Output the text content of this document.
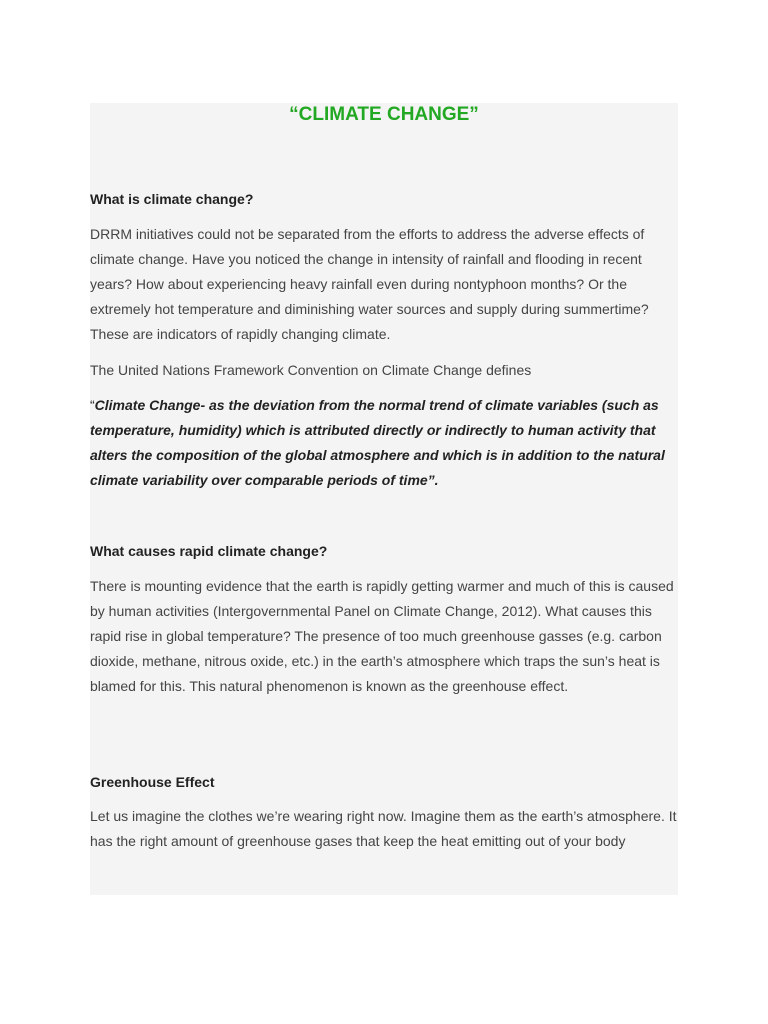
“CLIMATE CHANGE”
What is climate change?

DRRM initiatives could not be separated from the efforts to address the adverse effects of climate change. Have you noticed the change in intensity of rainfall and flooding in recent years? How about experiencing heavy rainfall even during nontyphoon months? Or the extremely hot temperature and diminishing water sources and supply during summertime? These are indicators of rapidly changing climate.

The United Nations Framework Convention on Climate Change defines

“Climate Change- as the deviation from the normal trend of climate variables (such as temperature, humidity) which is attributed directly or indirectly to human activity that alters the composition of the global atmosphere and which is in addition to the natural climate variability over comparable periods of time”.

What causes rapid climate change?

There is mounting evidence that the earth is rapidly getting warmer and much of this is caused by human activities (Intergovernmental Panel on Climate Change, 2012). What causes this rapid rise in global temperature? The presence of too much greenhouse gasses (e.g. carbon dioxide, methane, nitrous oxide, etc.) in the earth’s atmosphere which traps the sun’s heat is blamed for this. This natural phenomenon is known as the greenhouse effect.

Greenhouse Effect

Let us imagine the clothes we’re wearing right now. Imagine them as the earth’s atmosphere. It has the right amount of greenhouse gases that keep the heat emitting out of your body
